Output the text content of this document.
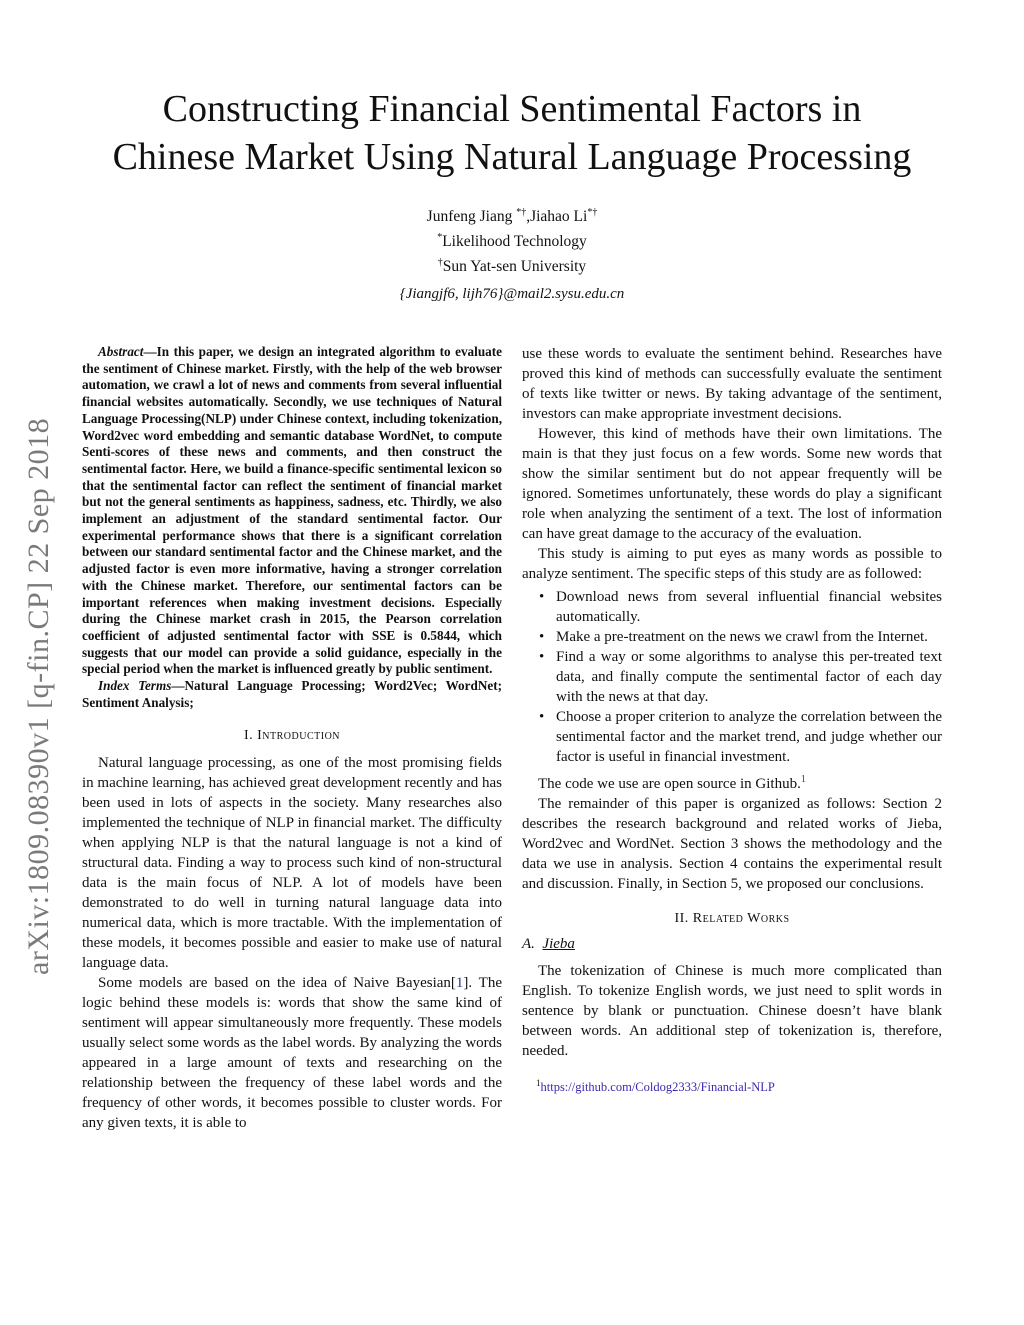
Constructing Financial Sentimental Factors in
Chinese Market Using Natural Language Processing
Junfeng Jiang *†,Jiahao Li*†
*Likelihood Technology
†Sun Yat-sen University
{Jiangjf6, lijh76}@mail2.sysu.edu.cn
arXiv:1809.08390v1 [q-fin.CP] 22 Sep 2018

Abstract—In this paper, we design an integrated algorithm to evaluate the sentiment of Chinese market. Firstly, with the help of the web browser automation, we crawl a lot of news and comments from several influential financial websites automatically. Secondly, we use techniques of Natural Language Processing(NLP) under Chinese context, including tokenization, Word2vec word embedding and semantic database WordNet, to compute Senti-scores of these news and comments, and then construct the sentimental factor. Here, we build a finance-specific sentimental lexicon so that the sentimental factor can reflect the sentiment of financial market but not the general sentiments as happiness, sadness, etc. Thirdly, we also implement an adjustment of the standard sentimental factor. Our experimental performance shows that there is a significant correlation between our standard sentimental factor and the Chinese market, and the adjusted factor is even more informative, having a stronger correlation with the Chinese market. Therefore, our sentimental factors can be important references when making investment decisions. Especially during the Chinese market crash in 2015, the Pearson correlation coefficient of adjusted sentimental factor with SSE is 0.5844, which suggests that our model can provide a solid guidance, especially in the special period when the market is influenced greatly by public sentiment.

Index Terms—Natural Language Processing; Word2Vec; WordNet; Sentiment Analysis;

I. Introduction

Natural language processing, as one of the most promising fields in machine learning, has achieved great development recently and has been used in lots of aspects in the society. Many researches also implemented the technique of NLP in financial market. The difficulty when applying NLP is that the natural language is not a kind of structural data. Finding a way to process such kind of non-structural data is the main focus of NLP. A lot of models have been demonstrated to do well in turning natural language data into numerical data, which is more tractable. With the implementation of these models, it becomes possible and easier to make use of natural language data.

Some models are based on the idea of Naive Bayesian[1]. The logic behind these models is: words that show the same kind of sentiment will appear simultaneously more frequently. These models usually select some words as the label words. By analyzing the words appeared in a large amount of texts and researching on the relationship between the frequency of these label words and the frequency of other words, it becomes possible to cluster words. For any given texts, it is able to

use these words to evaluate the sentiment behind. Researches have proved this kind of methods can successfully evaluate the sentiment of texts like twitter or news. By taking advantage of the sentiment, investors can make appropriate investment decisions.

However, this kind of methods have their own limitations. The main is that they just focus on a few words. Some new words that show the similar sentiment but do not appear frequently will be ignored. Sometimes unfortunately, these words do play a significant role when analyzing the sentiment of a text. The lost of information can have great damage to the accuracy of the evaluation.

This study is aiming to put eyes as many words as possible to analyze sentiment. The specific steps of this study are as followed:

• Download news from several influential financial websites automatically.
• Make a pre-treatment on the news we crawl from the Internet.
• Find a way or some algorithms to analyse this per-treated text data, and finally compute the sentimental factor of each day with the news at that day.
• Choose a proper criterion to analyze the correlation between the sentimental factor and the market trend, and judge whether our factor is useful in financial investment.

The code we use are open source in Github.$^1$

The remainder of this paper is organized as follows: Section 2 describes the research background and related works of Jieba, Word2vec and WordNet. Section 3 shows the methodology and the data we use in analysis. Section 4 contains the experimental result and discussion. Finally, in Section 5, we proposed our conclusions.

II. Related Works
A. Jieba

The tokenization of Chinese is much more complicated than English. To tokenize English words, we just need to split words in sentence by blank or punctuation. Chinese doesn’t have blank between words. An additional step of tokenization is, therefore, needed.

$^1$https://github.com/Coldog2333/Financial-NLP
